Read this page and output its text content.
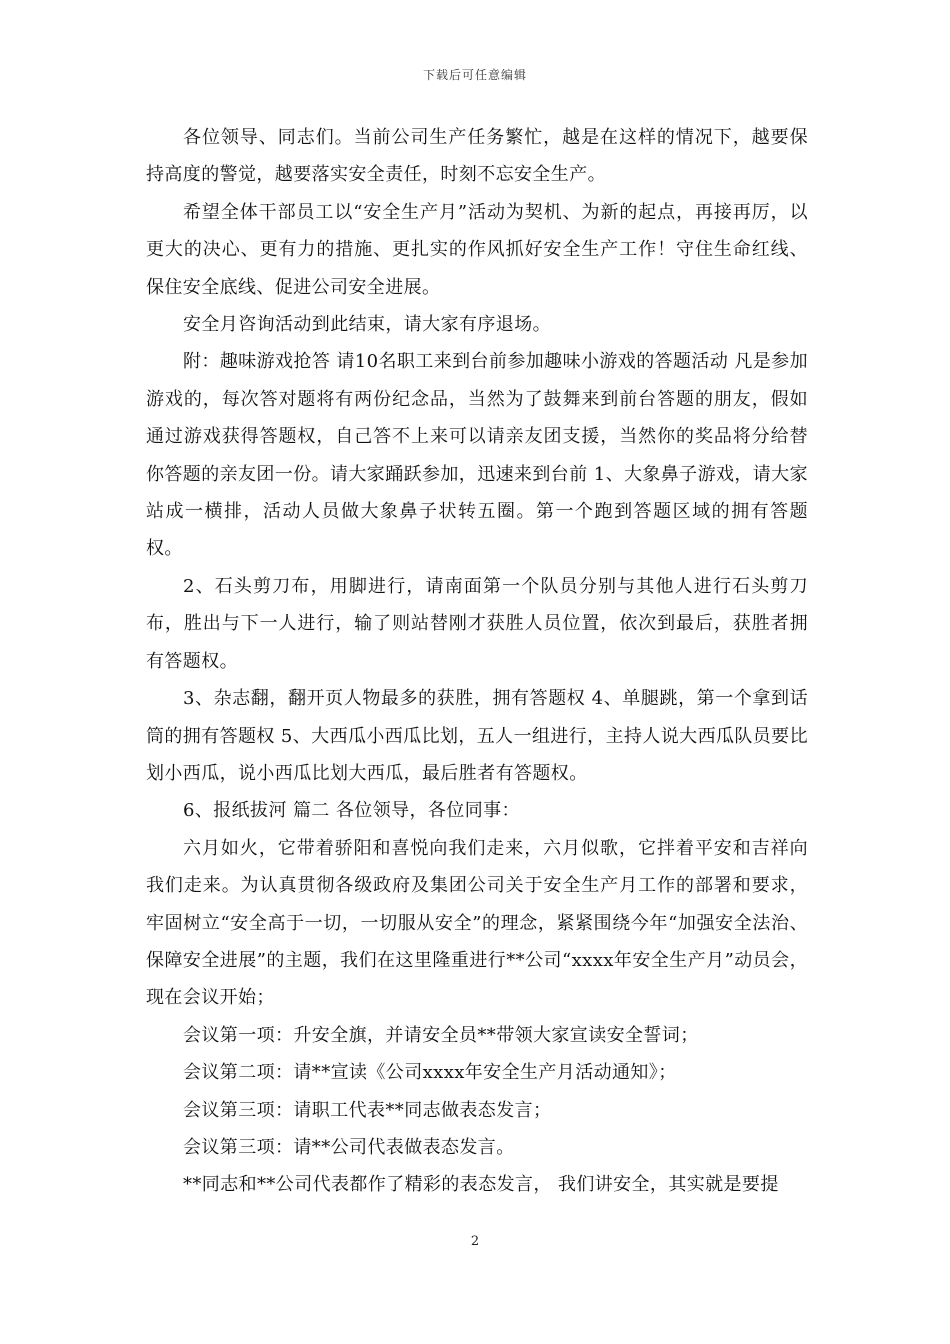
下载后可任意编辑

各位领导、同志们。当前公司生产任务繁忙，越是在这样的情况下，越要保持高度的警觉，越要落实安全责任，时刻不忘安全生产。

希望全体干部员工以“安全生产月”活动为契机、为新的起点，再接再厉，以更大的决心、更有力的措施、更扎实的作风抓好安全生产工作！守住生命红线、保住安全底线、促进公司安全进展。

安全月咨询活动到此结束，请大家有序退场。

附：趣味游戏抢答 请10名职工来到台前参加趣味小游戏的答题活动 凡是参加游戏的，每次答对题将有两份纪念品，当然为了鼓舞来到前台答题的朋友，假如通过游戏获得答题权，自己答不上来可以请亲友团支援，当然你的奖品将分给替你答题的亲友团一份。请大家踊跃参加，迅速来到台前 1、大象鼻子游戏，请大家站成一横排，活动人员做大象鼻子状转五圈。第一个跑到答题区域的拥有答题权。

2、石头剪刀布，用脚进行，请南面第一个队员分别与其他人进行石头剪刀布，胜出与下一人进行，输了则站替刚才获胜人员位置，依次到最后，获胜者拥有答题权。

3、杂志翻，翻开页人物最多的获胜，拥有答题权 4、单腿跳，第一个拿到话筒的拥有答题权 5、大西瓜小西瓜比划，五人一组进行，主持人说大西瓜队员要比划小西瓜，说小西瓜比划大西瓜，最后胜者有答题权。

6、报纸拔河 篇二 各位领导，各位同事：

六月如火，它带着骄阳和喜悦向我们走来，六月似歌，它拌着平安和吉祥向我们走来。为认真贯彻各级政府及集团公司关于安全生产月工作的部署和要求，牢固树立“安全高于一切，一切服从安全”的理念，紧紧围绕今年“加强安全法治、保障安全进展”的主题，我们在这里隆重进行**公司“xxxx年安全生产月”动员会，现在会议开始；

会议第一项：升安全旗，并请安全员**带领大家宣读安全誓词；

会议第二项：请**宣读《公司xxxx年安全生产月活动通知》；

会议第三项：请职工代表**同志做表态发言；

会议第三项：请**公司代表做表态发言。

**同志和**公司代表都作了精彩的表态发言， 我们讲安全，其实就是要提

2
